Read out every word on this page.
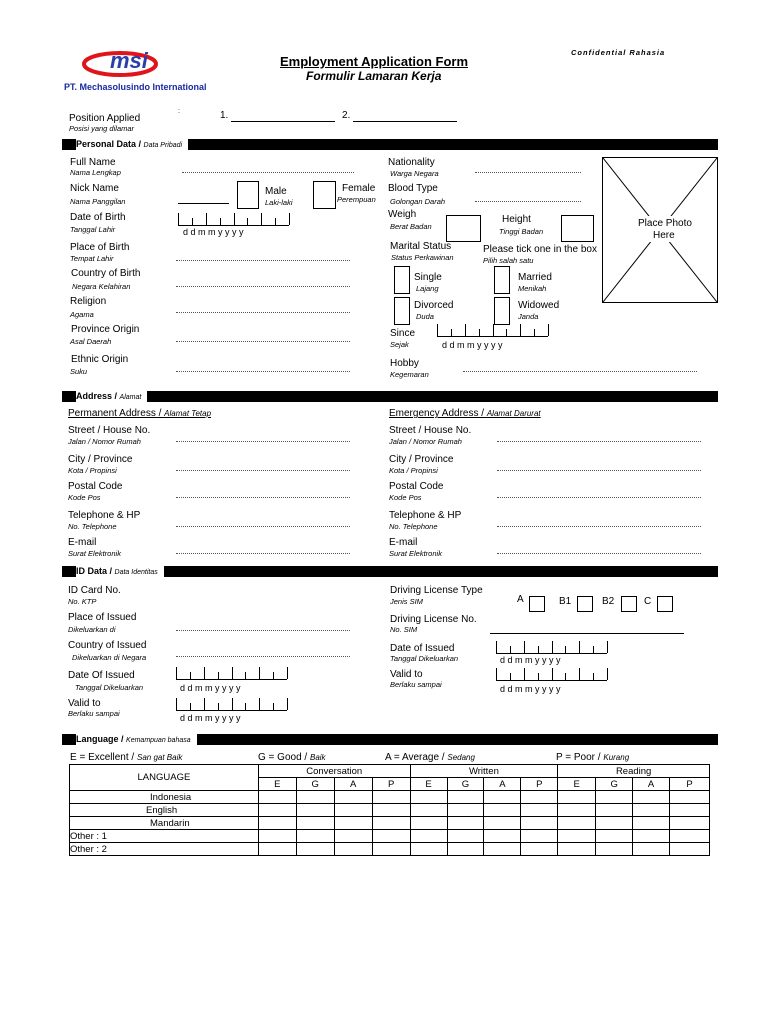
msi
PT. Mechasolusindo International
Employment Application Form
Formulir Lamaran Kerja
Confidential Rahasia
Position Applied
Posisi yang dilamar
:	1.	2.
Personal Data / Data Pribadi
Full Name
Nama Lengkap
Nick Name
Nama Panggilan
Male
Laki-laki
Female
Perempuan
Date of Birth
Tanggal Lahir	d d m m y y y y
Place of Birth
Tempat Lahir
Country of Birth
Negara Kelahiran
Religion
Agama
Province Origin
Asal Daerah
Ethnic Origin
Suku
Nationality
Warga Negara
Blood Type
Golongan Darah
Weigh
Berat Badan
Height
Tinggi Badan
Marital Status
Status Perkawinan
Please tick one in the box
Pilih salah satu
Single
Lajang
Married
Menikah
Divorced
Duda
Widowed
Janda
Since
Sejak	d d m m y y y y
Hobby
Kegemaran
Place Photo
Here
Address / Alamat
Permanent Address / Alamat Tetap	Emergency Address / Alamat Darurat
Street / House No.
Jalan / Nomor Rumah
City / Province
Kota / Propinsi
Postal Code
Kode Pos
Telephone & HP
No. Telephone
E-mail
Surat Elektronik
Street / House No.
Jalan / Nomor Rumah
City / Province
Kota / Propinsi
Postal Code
Kode Pos
Telephone & HP
No. Telephone
E-mail
Surat Elektronik
ID Data / Data Identitas
ID Card No.
No. KTP
Place of Issued
Dikeluarkan di
Country of Issued
Dikeluarkan di Negara
Date Of Issued
Tanggal Dikeluarkan	d d m m y y y y
Valid to
Berlaku sampai	d d m m y y y y
Driving License Type
Jenis SIM	A	B1	B2	C
Driving License No.
No. SIM
Date of Issued
Tanggal Dikeluarkan	d d m m y y y y
Valid to
Berlaku sampai	d d m m y y y y
Language / Kemampuan bahasa
E = Excellent / San gat Baik	G = Good / Baik	A = Average / Sedang	P = Poor / Kurang
LANGUAGE	Conversation				Written				Reading			
	E	G	A	P	E	G	A	P	E	G	A	P
Indonesia												
English												
Mandarin												
Other : 1												
Other : 2												
